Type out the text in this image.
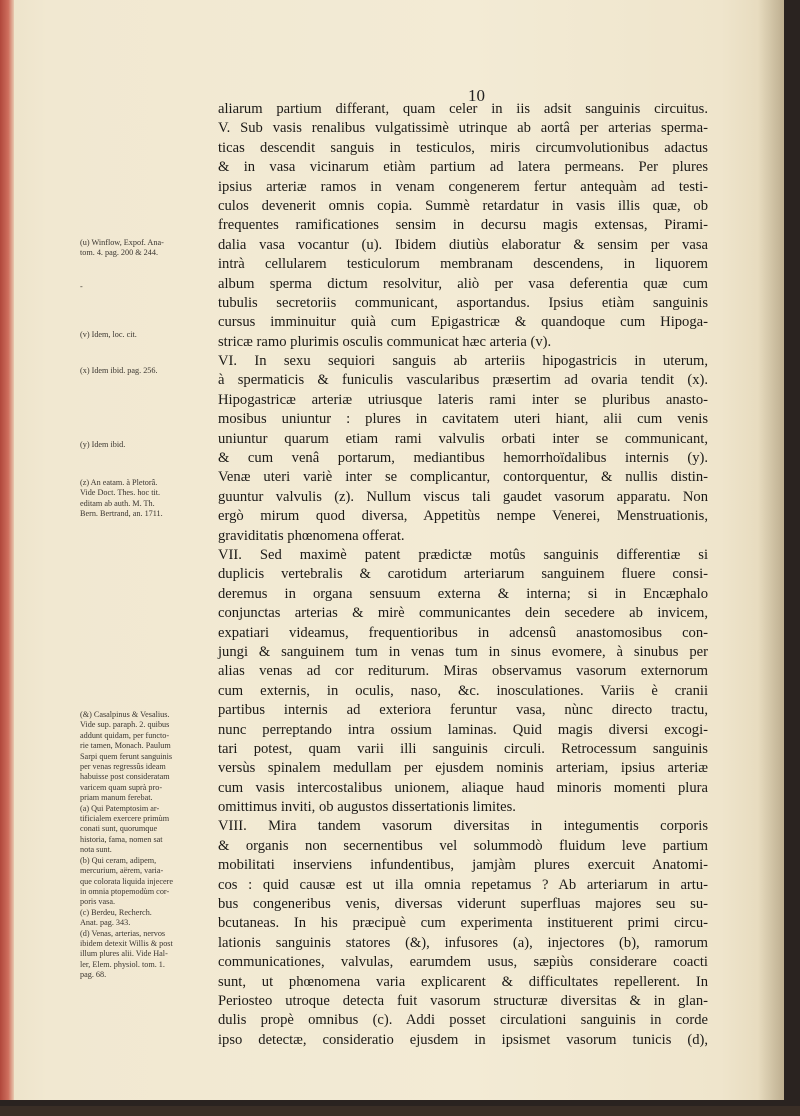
10
aliarum partium differant, quam celer in iis adsit sanguinis circuitus.
V. Sub vasis renalibus vulgatissimè utrinque ab aortâ per arterias sperma-
ticas descendit sanguis in testiculos, miris circumvolutionibus adactus
& in vasa vicinarum etiàm partium ad latera permeans. Per plures
ipsius arteriæ ramos in venam congenerem fertur antequàm ad testi-
culos devenerit omnis copia. Summè retardatur in vasis illis quæ, ob
frequentes ramificationes sensim in decursu magis extensas, Pirami-
dalia vasa vocantur (u). Ibidem diutiùs elaboratur & sensim per vasa
intrà cellularem testiculorum membranam descendens, in liquorem
album sperma dictum resolvitur, aliò per vasa deferentia quæ cum
tubulis secretoriis communicant, asportandus. Ipsius etiàm sanguinis
cursus imminuitur quià cum Epigastricæ & quandoque cum Hipoga-
stricæ ramo plurimis osculis communicat hæc arteria (v).
VI. In sexu sequiori sanguis ab arteriis hipogastricis in uterum,
à spermaticis & funiculis vascularibus præsertim ad ovaria tendit (x).
Hipogastricæ arteriæ utriusque lateris rami inter se pluribus anasto-
mosibus uniuntur : plures in cavitatem uteri hiant, alii cum venis
uniuntur quarum etiam rami valvulis orbati inter se communicant,
& cum venâ portarum, mediantibus hemorrhoïdalibus internis (y).
Venæ uteri variè inter se complicantur, contorquentur, & nullis distin-
guuntur valvulis (z). Nullum viscus tali gaudet vasorum apparatu. Non
ergò mirum quod diversa, Appetitùs nempe Venerei, Menstruationis,
graviditatis phœnomena offerat.
VII. Sed maximè patent prædictæ motûs sanguinis differentiæ si
duplicis vertebralis & carotidum arteriarum sanguinem fluere consi-
deremus in organa sensuum externa & interna; si in Encæphalo
conjunctas arterias & mirè communicantes dein secedere ab invicem,
expatiari videamus, frequentioribus in adcensû anastomosibus con-
jungi & sanguinem tum in venas tum in sinus evomere, à sinubus per
alias venas ad cor rediturum. Miras observamus vasorum externorum
cum externis, in oculis, naso, &c. inosculationes. Variis è cranii
partibus internis ad exteriora feruntur vasa, nùnc directo tractu,
nunc perreptando intra ossium laminas. Quid magis diversi excogi-
tari potest, quam varii illi sanguinis circuli. Retrocessum sanguinis
versùs spinalem medullam per ejusdem nominis arteriam, ipsius arteriæ
cum vasis intercostalibus unionem, aliaque haud minoris momenti plura
omittimus inviti, ob augustos dissertationis limites.
VIII. Mira tandem vasorum diversitas in integumentis corporis
& organis non secernentibus vel solummodò fluidum leve partium
mobilitati inserviens infundentibus, jamjàm plures exercuit Anatomi-
cos : quid causæ est ut illa omnia repetamus ? Ab arteriarum in artu-
bus congeneribus venis, diversas viderunt superfluas majores seu su-
bcutaneas. In his præcipuè cum experimenta instituerent primi circu-
lationis sanguinis statores (&), infusores (a), injectores (b), ramorum
communicationes, valvulas, earumdem usus, sæpiùs considerare coacti
sunt, ut phœnomena varia explicarent & difficultates repellerent. In
Periosteo utroque detecta fuit vasorum structuræ diversitas & in glan-
dulis propè omnibus (c). Addi posset circulationi sanguinis in corde
ipso detectæ, consideratio ejusdem in ipsismet vasorum tunicis (d),
(u) Winflow, Expof. Ana-
tom. 4. pag. 200 & 244.
-
(v) Idem, loc. cit.
(x) Idem ibid. pag. 256.
(y) Idem ibid.
(z) An eatam. à Pletorâ.
Vide Doct. Thes. hoc tit.
editam ab auth. M. Th.
Bern. Bertrand, an. 1711.
(&) Casalpinus & Vesalius.
Vide sup. paraph. 2. quibus
addunt quidam, per functo-
rie tamen, Monach. Paulum
Sarpi quem ferunt sanguinis
per venas regressûs ideam
habuisse post consideratam
varicem quam suprà pro-
priam manum ferebat.
(a) Qui Patemptosim ar-
tificialem exercere primùm
conati sunt, quorumque
historia, fama, nomen sat
nota sunt.
(b) Qui ceram, adipem,
mercurium, aërem, varia-
que colorata liquida injecere
in omnia ptopemodùm cor-
poris vasa.
(c) Berdeu, Recherch.
Anat. pag. 343.
(d) Venas, arterias, nervos
ibidem detexit Willis & post
illum plures alii. Vide Hal-
ler, Elem. physiol. tom. 1.
pag. 68.
